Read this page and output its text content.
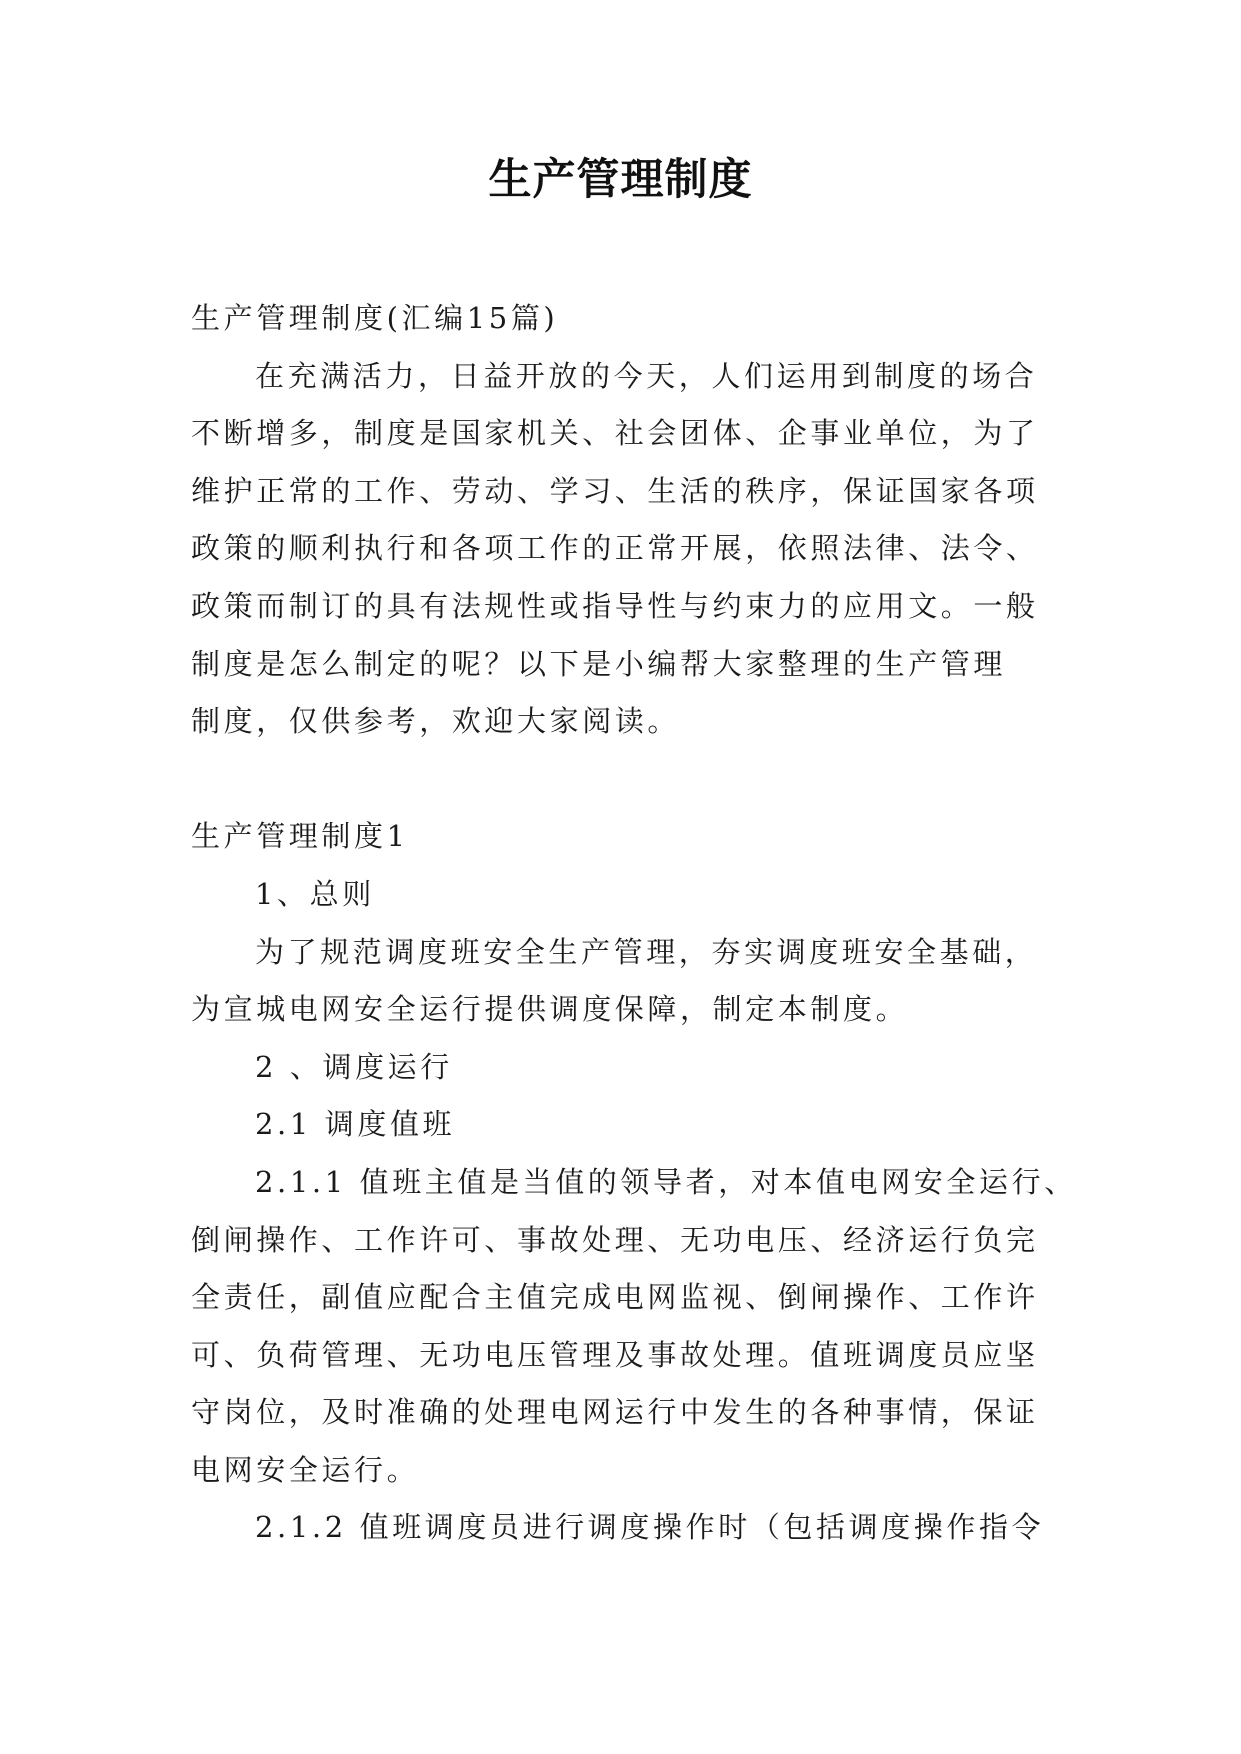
生产管理制度
生产管理制度(汇编15篇)
在充满活力，日益开放的今天，人们运用到制度的场合
不断增多，制度是国家机关、社会团体、企事业单位，为了
维护正常的工作、劳动、学习、生活的秩序，保证国家各项
政策的顺利执行和各项工作的正常开展，依照法律、法令、
政策而制订的具有法规性或指导性与约束力的应用文。一般
制度是怎么制定的呢？以下是小编帮大家整理的生产管理
制度，仅供参考，欢迎大家阅读。
生产管理制度1
1、总则
为了规范调度班安全生产管理，夯实调度班安全基础，
为宣城电网安全运行提供调度保障，制定本制度。
2 、调度运行
2.1 调度值班
2.1.1 值班主值是当值的领导者，对本值电网安全运行、
倒闸操作、工作许可、事故处理、无功电压、经济运行负完
全责任，副值应配合主值完成电网监视、倒闸操作、工作许
可、负荷管理、无功电压管理及事故处理。值班调度员应坚
守岗位，及时准确的处理电网运行中发生的各种事情，保证
电网安全运行。
2.1.2 值班调度员进行调度操作时（包括调度操作指令
